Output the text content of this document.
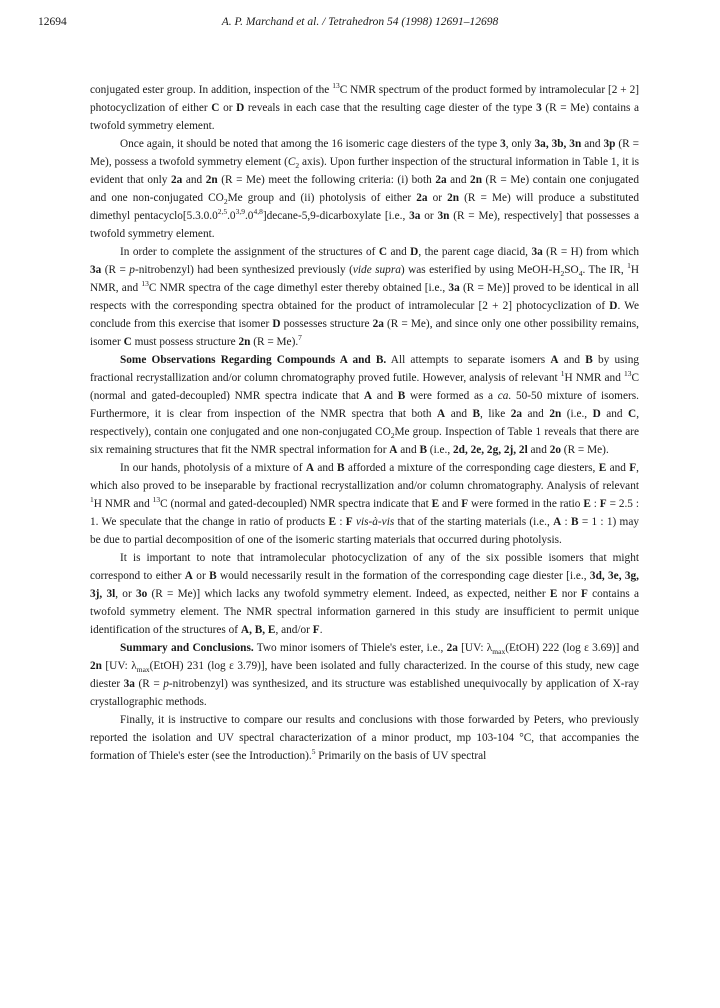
12694	A. P. Marchand et al. / Tetrahedron 54 (1998) 12691–12698

conjugated ester group. In addition, inspection of the $^{13}$C NMR spectrum of the product formed by intramolecular [2 + 2] photocyclization of either C or D reveals in each case that the resulting cage diester of the type 3 (R = Me) contains a twofold symmetry element.

Once again, it should be noted that among the 16 isomeric cage diesters of the type 3, only 3a, 3b, 3n and 3p (R = Me), possess a twofold symmetry element ($C_2$ axis). Upon further inspection of the structural information in Table 1, it is evident that only 2a and 2n (R = Me) meet the following criteria: (i) both 2a and 2n (R = Me) contain one conjugated and one non-conjugated $CO_2Me$ group and (ii) photolysis of either 2a or 2n (R = Me) will produce a substituted dimethyl pentacyclo[5.3.0.0$^{2,5}$.0$^{3,9}$.0$^{4,8}$]decane-5,9-dicarboxylate [i.e., 3a or 3n (R = Me), respectively] that possesses a twofold symmetry element.

In order to complete the assignment of the structures of C and D, the parent cage diacid, 3a (R = H) from which 3a (R = p-nitrobenzyl) had been synthesized previously (vide supra) was esterified by using MeOH-$H_2SO_4$. The IR, $^1$H NMR, and $^{13}$C NMR spectra of the cage dimethyl ester thereby obtained [i.e., 3a (R = Me)] proved to be identical in all respects with the corresponding spectra obtained for the product of intramolecular [2 + 2] photocyclization of D. We conclude from this exercise that isomer D possesses structure 2a (R = Me), and since only one other possibility remains, isomer C must possess structure 2n (R = Me).$^7$

Some Observations Regarding Compounds A and B. All attempts to separate isomers A and B by using fractional recrystallization and/or column chromatography proved futile. However, analysis of relevant $^1$H NMR and $^{13}$C (normal and gated-decoupled) NMR spectra indicate that A and B were formed as a ca. 50-50 mixture of isomers. Furthermore, it is clear from inspection of the NMR spectra that both A and B, like 2a and 2n (i.e., D and C, respectively), contain one conjugated and one non-conjugated $CO_2Me$ group. Inspection of Table 1 reveals that there are six remaining structures that fit the NMR spectral information for A and B (i.e., 2d, 2e, 2g, 2j, 2l and 2o (R = Me).

In our hands, photolysis of a mixture of A and B afforded a mixture of the corresponding cage diesters, E and F, which also proved to be inseparable by fractional recrystallization and/or column chromatography. Analysis of relevant $^1$H NMR and $^{13}$C (normal and gated-decoupled) NMR spectra indicate that E and F were formed in the ratio E : F = 2.5 : 1. We speculate that the change in ratio of products E : F vis-à-vis that of the starting materials (i.e., A : B = 1 : 1) may be due to partial decomposition of one of the isomeric starting materials that occurred during photolysis.

It is important to note that intramolecular photocyclization of any of the six possible isomers that might correspond to either A or B would necessarily result in the formation of the corresponding cage diester [i.e., 3d, 3e, 3g, 3j, 3l, or 3o (R = Me)] which lacks any twofold symmetry element. Indeed, as expected, neither E nor F contains a twofold symmetry element. The NMR spectral information garnered in this study are insufficient to permit unique identification of the structures of A, B, E, and/or F.

Summary and Conclusions. Two minor isomers of Thiele's ester, i.e., 2a [UV: $\lambda_{max}(EtOH)$ 222 (log ε 3.69)] and 2n [UV: $\lambda_{max}(EtOH)$ 231 (log ε 3.79)], have been isolated and fully characterized. In the course of this study, new cage diester 3a (R = p-nitrobenzyl) was synthesized, and its structure was established unequivocally by application of X-ray crystallographic methods.

Finally, it is instructive to compare our results and conclusions with those forwarded by Peters, who previously reported the isolation and UV spectral characterization of a minor product, mp 103-104 °C, that accompanies the formation of Thiele's ester (see the Introduction).$^5$ Primarily on the basis of UV spectral
